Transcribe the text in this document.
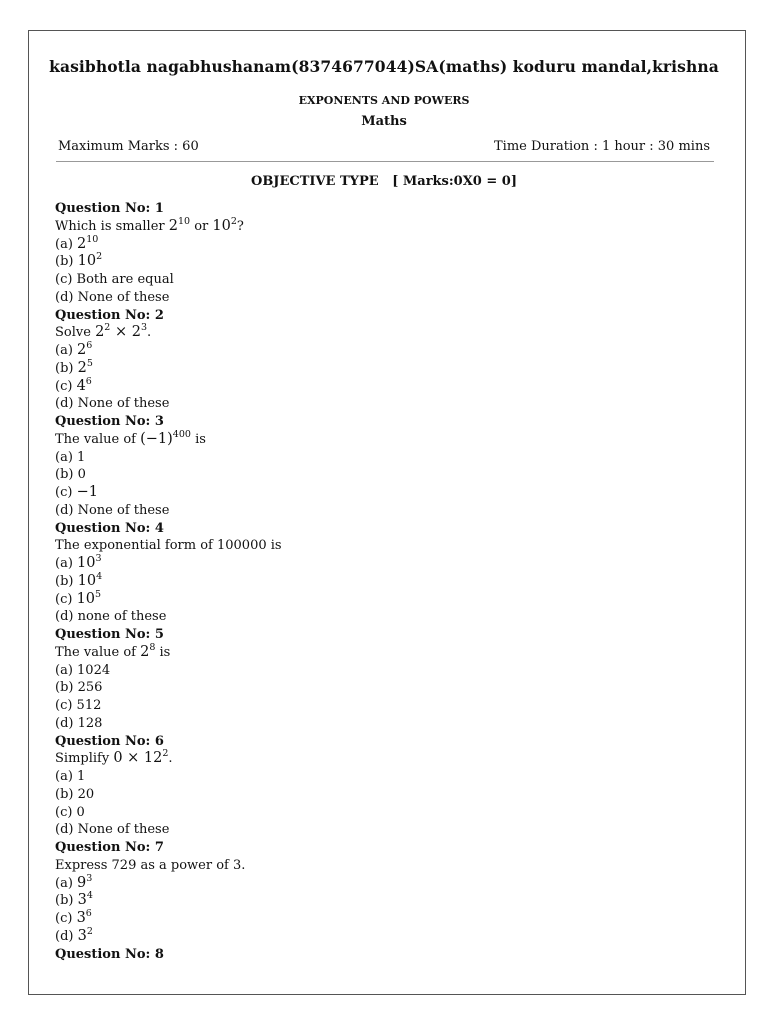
kasibhotla nagabhushanam(8374677044)SA(maths) koduru mandal,krishna
EXPONENTS AND POWERS
Maths
Maximum Marks : 60	Time Duration : 1 hour : 30 mins
OBJECTIVE TYPE   [ Marks:0X0 = 0]
Question No: 1
Which is smaller $2^{10}$ or $10^2$?
(a) $2^{10}$
(b) $10^2$
(c) Both are equal
(d) None of these
Question No: 2
Solve $2^2 \times 2^3$.
(a) $2^6$
(b) $2^5$
(c) $4^6$
(d) None of these
Question No: 3
The value of $(-1)^{400}$ is
(a) 1
(b) 0
(c) −1
(d) None of these
Question No: 4
The exponential form of 100000 is
(a) $10^3$
(b) $10^4$
(c) $10^5$
(d) none of these
Question No: 5
The value of $2^8$ is
(a) 1024
(b) 256
(c) 512
(d) 128
Question No: 6
Simplify $0 \times 12^2$.
(a) 1
(b) 20
(c) 0
(d) None of these
Question No: 7
Express 729 as a power of 3.
(a) $9^3$
(b) $3^4$
(c) $3^6$
(d) $3^2$
Question No: 8
